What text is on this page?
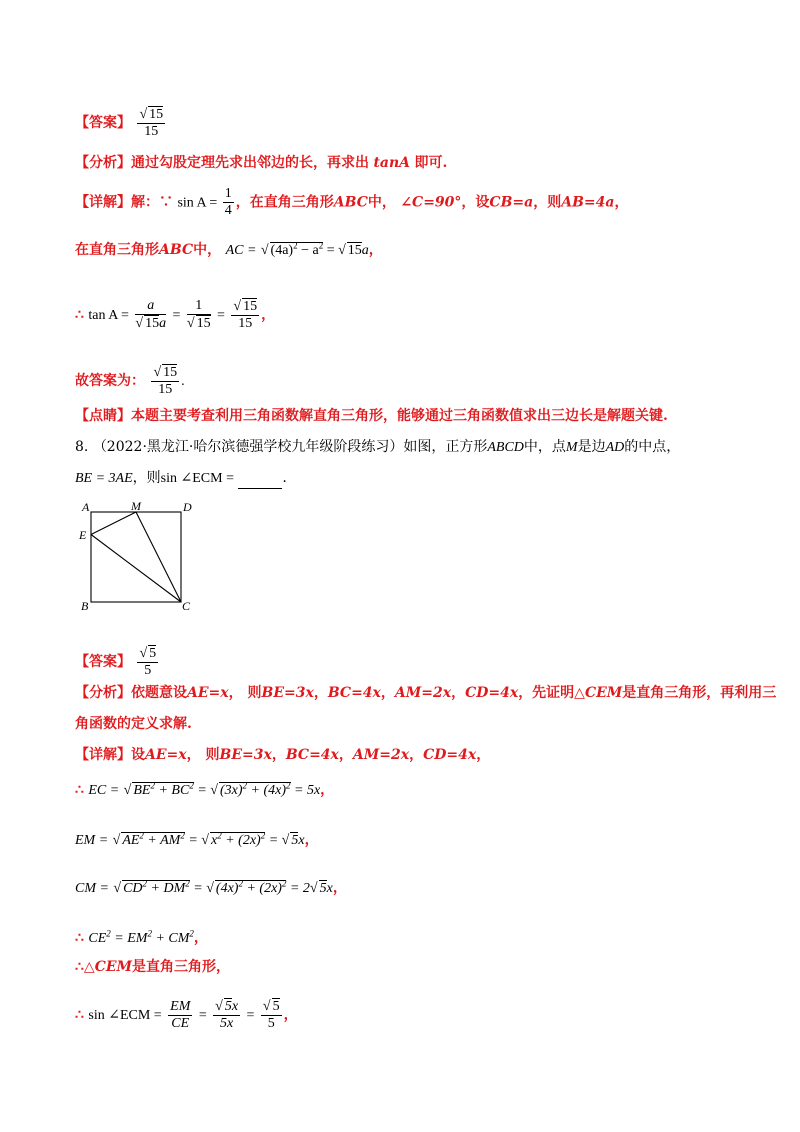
【答案】 $\frac{√ 15}{15}$
【分析】通过勾股定理先求出邻边的长，再求出 tanA 即可.
【详解】解：∵ $\sin A = \frac{1}{4}$ ，在直角三角形ABC中， ∠C=90°，设CB=a，则AB=4a，
在直角三角形ABC中， AC = √ $(4a)^2 - a^2$ = √ 15a，
∴ $\tan A = \frac{a}{√ 15a} = \frac{1}{√ 15} = \frac{√ 15}{15}$ ，
故答案为： $\frac{√ 15}{15}$ .
【点睛】本题主要考查利用三角函数解直角三角形，能够通过三角函数值求出三边长是解题关键.
8. （2022·黑龙江·哈尔滨德强学校九年级阶段练习）如图，正方形ABCD中，点M是边AD的中点，
BE = 3AE，则sin ∠ECM =	.
A	M	D
E
B	C
【答案】 $\frac{√ 5}{5}$
【分析】依题意设AE=x， 则BE=3x，BC=4x，AM=2x，CD=4x，先证明△CEM是直角三角形，再利用三
角函数的定义求解.
【详解】设AE=x， 则BE=3x，BC=4x，AM=2x，CD=4x，
∴ EC = √ $BE^2 + BC^2$ = √ $(3x)^2 + (4x)^2 = 5x$，
EM = √ $AE^2 + AM^2$ = √ $x^2 + (2x)^2$ = √ 5x，
CM = √ $CD^2 + DM^2$ = √ $(4x)^2 + (2x)^2 = 2√$ 5x，
∴ $CE^2 = EM^2 + CM^2$，
∴△CEM是直角三角形，
∴ sin ∠ECM = $\frac{EM}{CE} = \frac{√ 5x}{5x} = \frac{√ 5}{5}$ ，
